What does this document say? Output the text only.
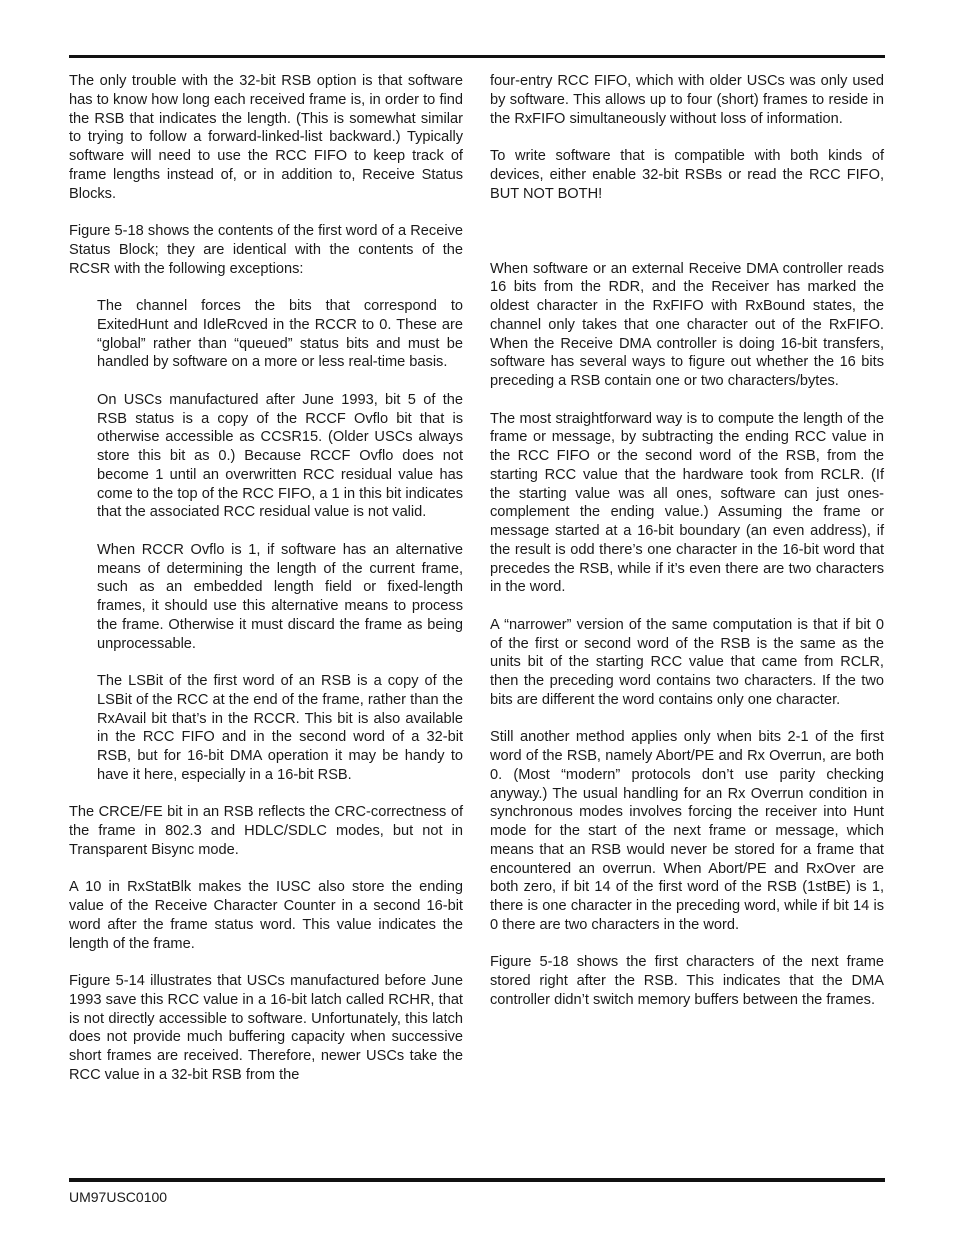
The only trouble with the 32-bit RSB option is that software has to know how long each received frame is, in order to find the RSB that indicates the length. (This is somewhat similar to trying to follow a forward-linked-list backward.) Typically software will need to use the RCC FIFO to keep track of frame lengths instead of, or in addition to, Receive Status Blocks.

Figure 5-18 shows the contents of the first word of a Receive Status Block; they are identical with the contents of the RCSR with the following exceptions:

The channel forces the bits that correspond to ExitedHunt and IdleRcved in the RCCR to 0. These are “global” rather than “queued” status bits and must be handled by software on a more or less real-time basis.

On USCs manufactured after June 1993, bit 5 of the RSB status is a copy of the RCCF Ovflo bit that is otherwise accessible as CCSR15. (Older USCs always store this bit as 0.) Because RCCF Ovflo does not become 1 until an overwritten RCC residual value has come to the top of the RCC FIFO, a 1 in this bit indicates that the associated RCC residual value is not valid.

When RCCR Ovflo is 1, if software has an alternative means of determining the length of the current frame, such as an embedded length field or fixed-length frames, it should use this alternative means to process the frame. Otherwise it must discard the frame as being unprocessable.

The LSBit of the first word of an RSB is a copy of the LSBit of the RCC at the end of the frame, rather than the RxAvail bit that’s in the RCCR. This bit is also available in the RCC FIFO and in the second word of a 32-bit RSB, but for 16-bit DMA operation it may be handy to have it here, especially in a 16-bit RSB.

The CRCE/FE bit in an RSB reflects the CRC-correctness of the frame in 802.3 and HDLC/SDLC modes, but not in Transparent Bisync mode.

A 10 in RxStatBlk makes the IUSC also store the ending value of the Receive Character Counter in a second 16-bit word after the frame status word. This value indicates the length of the frame.

Figure 5-14 illustrates that USCs manufactured before June 1993 save this RCC value in a 16-bit latch called RCHR, that is not directly accessible to software. Unfortunately, this latch does not provide much buffering capacity when successive short frames are received. Therefore, newer USCs take the RCC value in a 32-bit RSB from the

four-entry RCC FIFO, which with older USCs was only used by software. This allows up to four (short) frames to reside in the RxFIFO simultaneously without loss of information.

To write software that is compatible with both kinds of devices, either enable 32-bit RSBs or read the RCC FIFO, BUT NOT BOTH!

When software or an external Receive DMA controller reads 16 bits from the RDR, and the Receiver has marked the oldest character in the RxFIFO with RxBound states, the channel only takes that one character out of the RxFIFO. When the Receive DMA controller is doing 16-bit transfers, software has several ways to figure out whether the 16 bits preceding a RSB contain one or two characters/bytes.

The most straightforward way is to compute the length of the frame or message, by subtracting the ending RCC value in the RCC FIFO or the second word of the RSB, from the starting RCC value that the hardware took from RCLR. (If the starting value was all ones, software can just ones-complement the ending value.) Assuming the frame or message started at a 16-bit boundary (an even address), if the result is odd there’s one character in the 16-bit word that precedes the RSB, while if it’s even there are two characters in the word.

A “narrower” version of the same computation is that if bit 0 of the first or second word of the RSB is the same as the units bit of the starting RCC value that came from RCLR, then the preceding word contains two characters. If the two bits are different the word contains only one character.

Still another method applies only when bits 2-1 of the first word of the RSB, namely Abort/PE and Rx Overrun, are both 0. (Most “modern” protocols don’t use parity checking anyway.) The usual handling for an Rx Overrun condition in synchronous modes involves forcing the receiver into Hunt mode for the start of the next frame or message, which means that an RSB would never be stored for a frame that encountered an overrun. When Abort/PE and RxOver are both zero, if bit 14 of the first word of the RSB (1stBE) is 1, there is one character in the preceding word, while if bit 14 is 0 there are two characters in the word.

Figure 5-18 shows the first characters of the next frame stored right after the RSB. This indicates that the DMA controller didn’t switch memory buffers between the frames.

UM97USC0100
